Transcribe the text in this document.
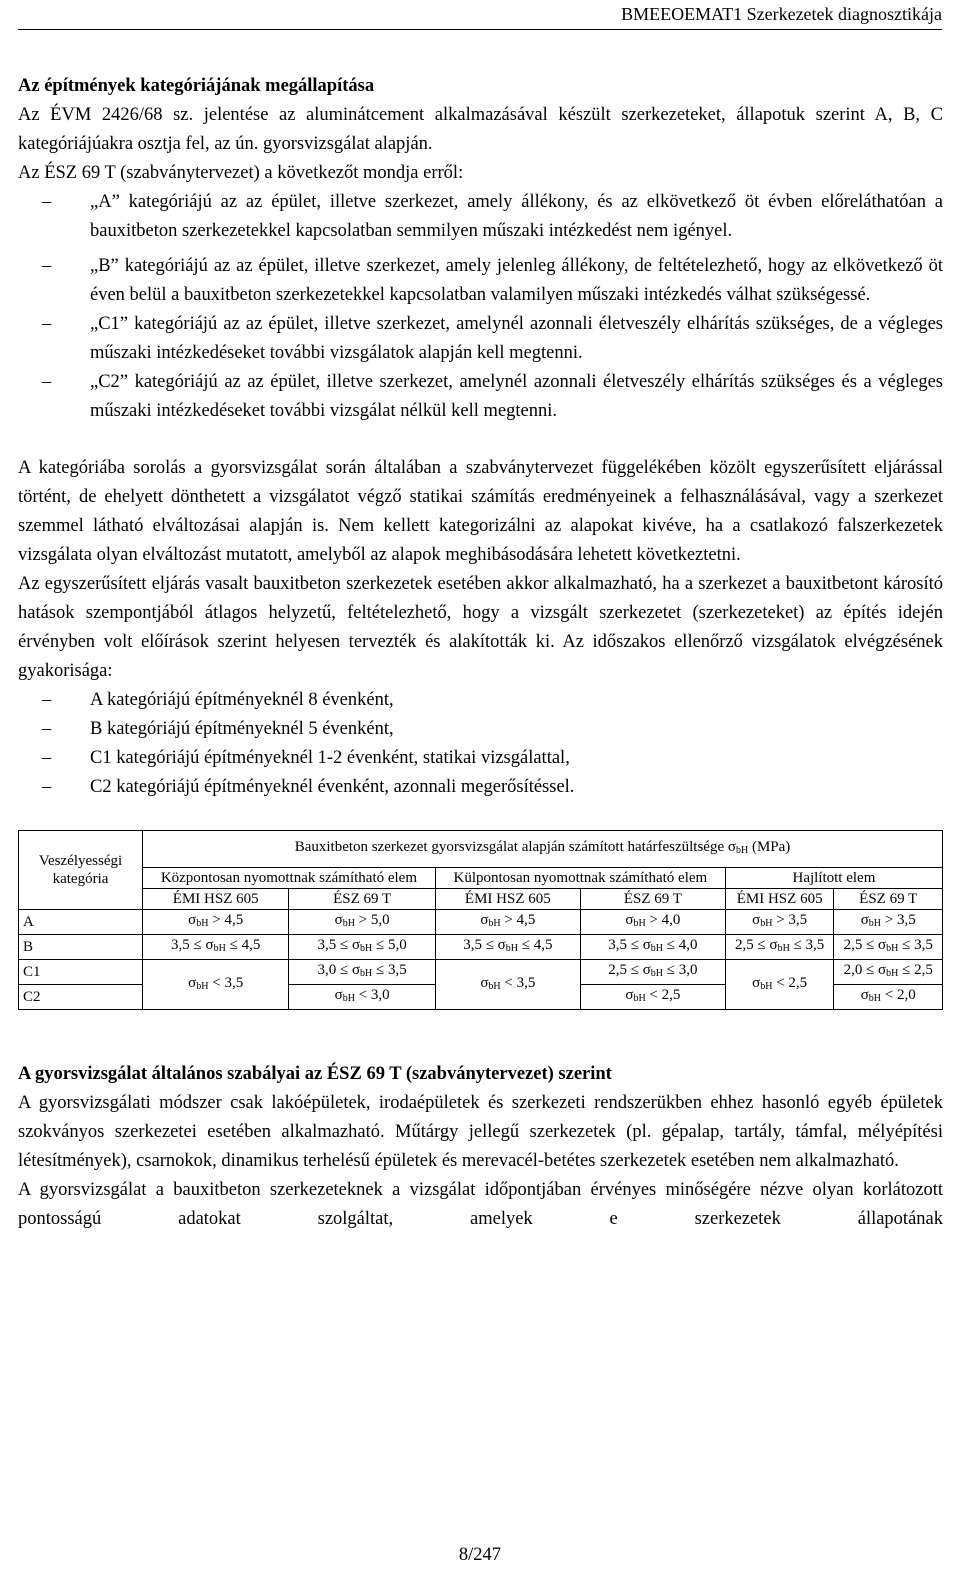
BMEEOEMAT1 Szerkezetek diagnosztikája
Az építmények kategóriájának megállapítása

Az ÉVM 2426/68 sz. jelentése az aluminátcement alkalmazásával készült szerkezeteket, állapotuk szerint A, B, C kategóriájúakra osztja fel, az ún. gyorsvizsgálat alapján.

Az ÉSZ 69 T (szabványtervezet) a következőt mondja erről:

– „A” kategóriájú az az épület, illetve szerkezet, amely állékony, és az elkövetkező öt évben előreláthatóan a bauxitbeton szerkezetekkel kapcsolatban semmilyen műszaki intézkedést nem igényel.

– „B” kategóriájú az az épület, illetve szerkezet, amely jelenleg állékony, de feltételezhető, hogy az elkövetkező öt éven belül a bauxitbeton szerkezetekkel kapcsolatban valamilyen műszaki intézkedés válhat szükségessé.

– „C1” kategóriájú az az épület, illetve szerkezet, amelynél azonnali életveszély elhárítás szükséges, de a végleges műszaki intézkedéseket további vizsgálatok alapján kell megtenni.

– „C2” kategóriájú az az épület, illetve szerkezet, amelynél azonnali életveszély elhárítás szükséges és a végleges műszaki intézkedéseket további vizsgálat nélkül kell megtenni.

A kategóriába sorolás a gyorsvizsgálat során általában a szabványtervezet függelékében közölt egyszerűsített eljárással történt, de ehelyett dönthetett a vizsgálatot végző statikai számítás eredményeinek a felhasználásával, vagy a szerkezet szemmel látható elváltozásai alapján is. Nem kellett kategorizálni az alapokat kivéve, ha a csatlakozó falszerkezetek vizsgálata olyan elváltozást mutatott, amelyből az alapok meghibásodására lehetett következtetni.

Az egyszerűsített eljárás vasalt bauxitbeton szerkezetek esetében akkor alkalmazható, ha a szerkezet a bauxitbetont károsító hatások szempontjából átlagos helyzetű, feltételezhető, hogy a vizsgált szerkezetet (szerkezeteket) az építés idején érvényben volt előírások szerint helyesen tervezték és alakították ki. Az időszakos ellenőrző vizsgálatok elvégzésének gyakorisága:

– A kategóriájú építményeknél 8 évenként,

– B kategóriájú építményeknél 5 évenként,

– C1 kategóriájú építményeknél 1-2 évenként, statikai vizsgálattal,

– C2 kategóriájú építményeknél évenként, azonnali megerősítéssel.

Veszélyességi kategória	Bauxitbeton szerkezet gyorsvizsgálat alapján számított határfeszültsége $\sigma_{bH}$ (MPa)					
	Központosan nyomottnak számítható elem		Külpontosan nyomottnak számítható elem		Hajlított elem	
	ÉMI HSZ 605	ÉSZ 69 T	ÉMI HSZ 605	ÉSZ 69 T	ÉMI HSZ 605	ÉSZ 69 T
A	$\sigma_{bH} > 4,5$	$\sigma_{bH} > 5,0$	$\sigma_{bH} > 4,5$	$\sigma_{bH} > 4,0$	$\sigma_{bH} > 3,5$	$\sigma_{bH} > 3,5$
B	$3,5 \le \sigma_{bH} \le 4,5$	$3,5 \le \sigma_{bH} \le 5,0$	$3,5 \le \sigma_{bH} \le 4,5$	$3,5 \le \sigma_{bH} \le 4,0$	$2,5 \le \sigma_{bH} \le 3,5$	$2,5 \le \sigma_{bH} \le 3,5$
C1	$\sigma_{bH} < 3,5$	$3,0 \le \sigma_{bH} \le 3,5$	$\sigma_{bH} < 3,5$	$2,5 \le \sigma_{bH} \le 3,0$	$\sigma_{bH} < 2,5$	$2,0 \le \sigma_{bH} \le 2,5$
C2		$\sigma_{bH} < 3,0$		$\sigma_{bH} < 2,5$		$\sigma_{bH} < 2,0$
A gyorsvizsgálat általános szabályai az ÉSZ 69 T (szabványtervezet) szerint

A gyorsvizsgálati módszer csak lakóépületek, irodaépületek és szerkezeti rendszerükben ehhez hasonló egyéb épületek szokványos szerkezetei esetében alkalmazható. Műtárgy jellegű szerkezetek (pl. gépalap, tartály, támfal, mélyépítési létesítmények), csarnokok, dinamikus terhelésű épületek és merevacél-betétes szerkezetek esetében nem alkalmazható.

A gyorsvizsgálat a bauxitbeton szerkezeteknek a vizsgálat időpontjában érvényes minőségére nézve olyan korlátozott pontosságú adatokat szolgáltat, amelyek e szerkezetek állapotának

8/247
